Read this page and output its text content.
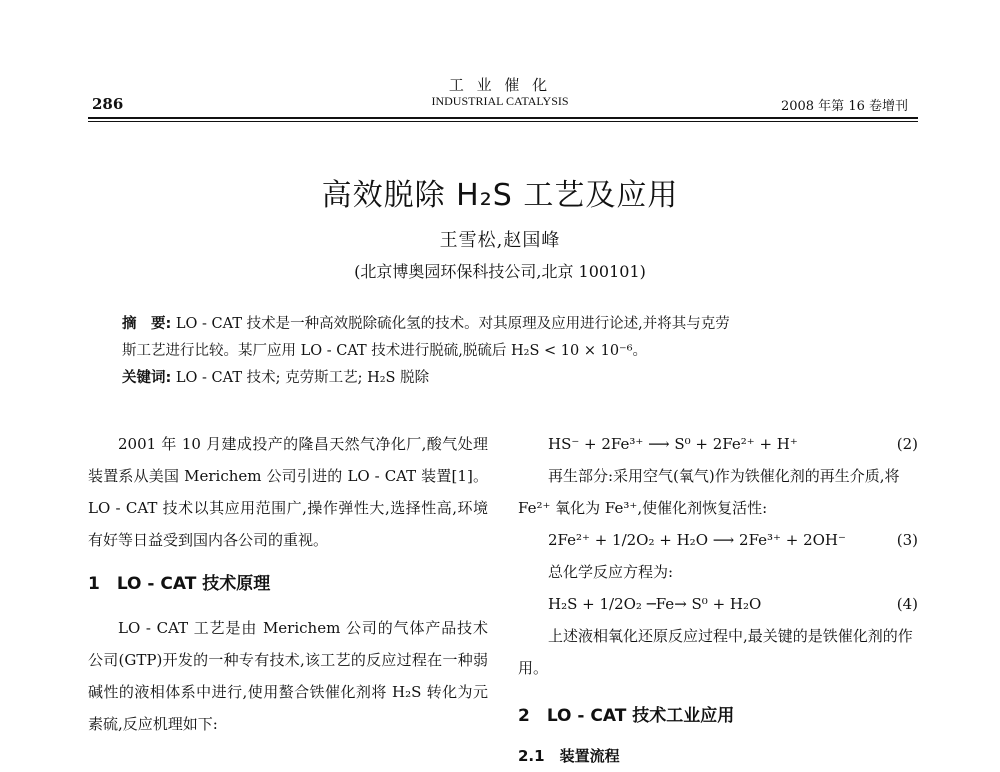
286
工 业 催 化
INDUSTRIAL CATALYSIS	2008 年第 16 卷增刊
高效脱除 H₂S 工艺及应用
王雪松,赵国峰
(北京博奥园环保科技公司,北京 100101)
摘　要: LO - CAT 技术是一种高效脱除硫化氢的技术。对其原理及应用进行论述,并将其与克劳
斯工艺进行比较。某厂应用 LO - CAT 技术进行脱硫,脱硫后 H₂S < 10 × 10⁻⁶。
关键词: LO - CAT 技术; 克劳斯工艺; H₂S 脱除

2001 年 10 月建成投产的隆昌天然气净化厂,酸气处理装置系从美国 Merichem 公司引进的 LO - CAT 装置[1]。LO - CAT 技术以其应用范围广,操作弹性大,选择性高,环境有好等日益受到国内各公司的重视。

1　LO - CAT 技术原理

LO - CAT 工艺是由 Merichem 公司的气体产品技术公司(GTP)开发的一种专有技术,该工艺的反应过程在一种弱碱性的液相体系中进行,使用螯合铁催化剂将 H₂S 转化为元素硫,反应机理如下:

HS⁻ + 2Fe³⁺ ⟶ S⁰ + 2Fe²⁺ + H⁺	(2)

再生部分:采用空气(氧气)作为铁催化剂的再生介质,将 Fe²⁺ 氧化为 Fe³⁺,使催化剂恢复活性:

2Fe²⁺ + 1/2O₂ + H₂O ⟶ 2Fe³⁺ + 2OH⁻	(3)

总化学反应方程为:

H₂S + 1/2O₂ ─Fe→ S⁰ + H₂O	(4)

上述液相氧化还原反应过程中,最关键的是铁催化剂的作用。

2　LO - CAT 技术工业应用
2.1　装置流程
